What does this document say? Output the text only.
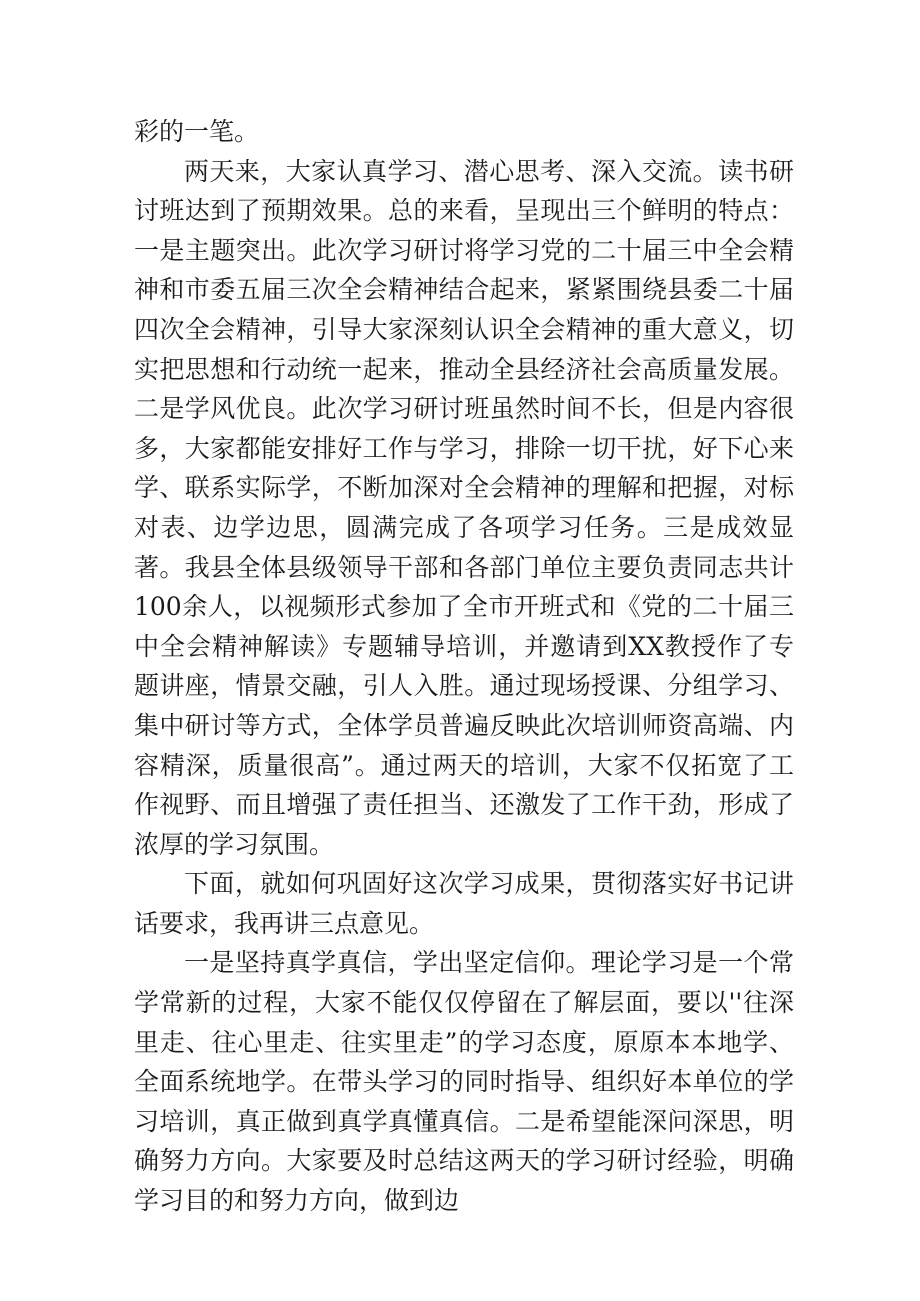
彩的一笔。

两天来，大家认真学习、潜心思考、深入交流。读书研讨班达到了预期效果。总的来看，呈现出三个鲜明的特点：一是主题突出。此次学习研讨将学习党的二十届三中全会精神和市委五届三次全会精神结合起来，紧紧围绕县委二十届四次全会精神，引导大家深刻认识全会精神的重大意义，切实把思想和行动统一起来，推动全县经济社会高质量发展。二是学风优良。此次学习研讨班虽然时间不长，但是内容很多，大家都能安排好工作与学习，排除一切干扰，好下心来学、联系实际学，不断加深对全会精神的理解和把握，对标对表、边学边思，圆满完成了各项学习任务。三是成效显著。我县全体县级领导干部和各部门单位主要负责同志共计100余人，以视频形式参加了全市开班式和《党的二十届三中全会精神解读》专题辅导培训，并邀请到XX教授作了专题讲座，情景交融，引人入胜。通过现场授课、分组学习、集中研讨等方式，全体学员普遍反映此次培训师资高端、内容精深，质量很高”。通过两天的培训，大家不仅拓宽了工作视野、而且增强了责任担当、还激发了工作干劲，形成了浓厚的学习氛围。

下面，就如何巩固好这次学习成果，贯彻落实好书记讲话要求，我再讲三点意见。

一是坚持真学真信，学出坚定信仰。理论学习是一个常学常新的过程，大家不能仅仅停留在了解层面，要以''往深里走、往心里走、往实里走”的学习态度，原原本本地学、全面系统地学。在带头学习的同时指导、组织好本单位的学习培训，真正做到真学真懂真信。二是希望能深问深思，明确努力方向。大家要及时总结这两天的学习研讨经验，明确学习目的和努力方向，做到边
